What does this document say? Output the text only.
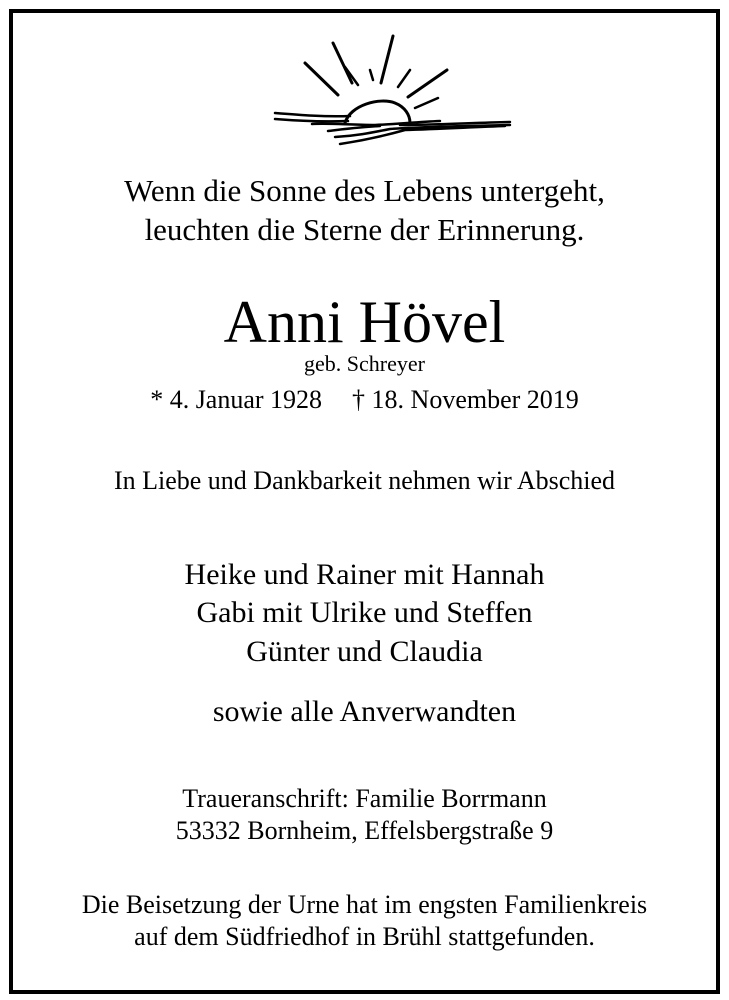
Wenn die Sonne des Lebens untergeht,
leuchten die Sterne der Erinnerung.
Anni Hövel
geb. Schreyer
* 4. Januar 1928 † 18. November 2019
In Liebe und Dankbarkeit nehmen wir Abschied
Heike und Rainer mit Hannah
Gabi mit Ulrike und Steffen
Günter und Claudia
sowie alle Anverwandten
Traueranschrift: Familie Borrmann
53332 Bornheim, Effelsbergstraße 9
Die Beisetzung der Urne hat im engsten Familienkreis
auf dem Südfriedhof in Brühl stattgefunden.
